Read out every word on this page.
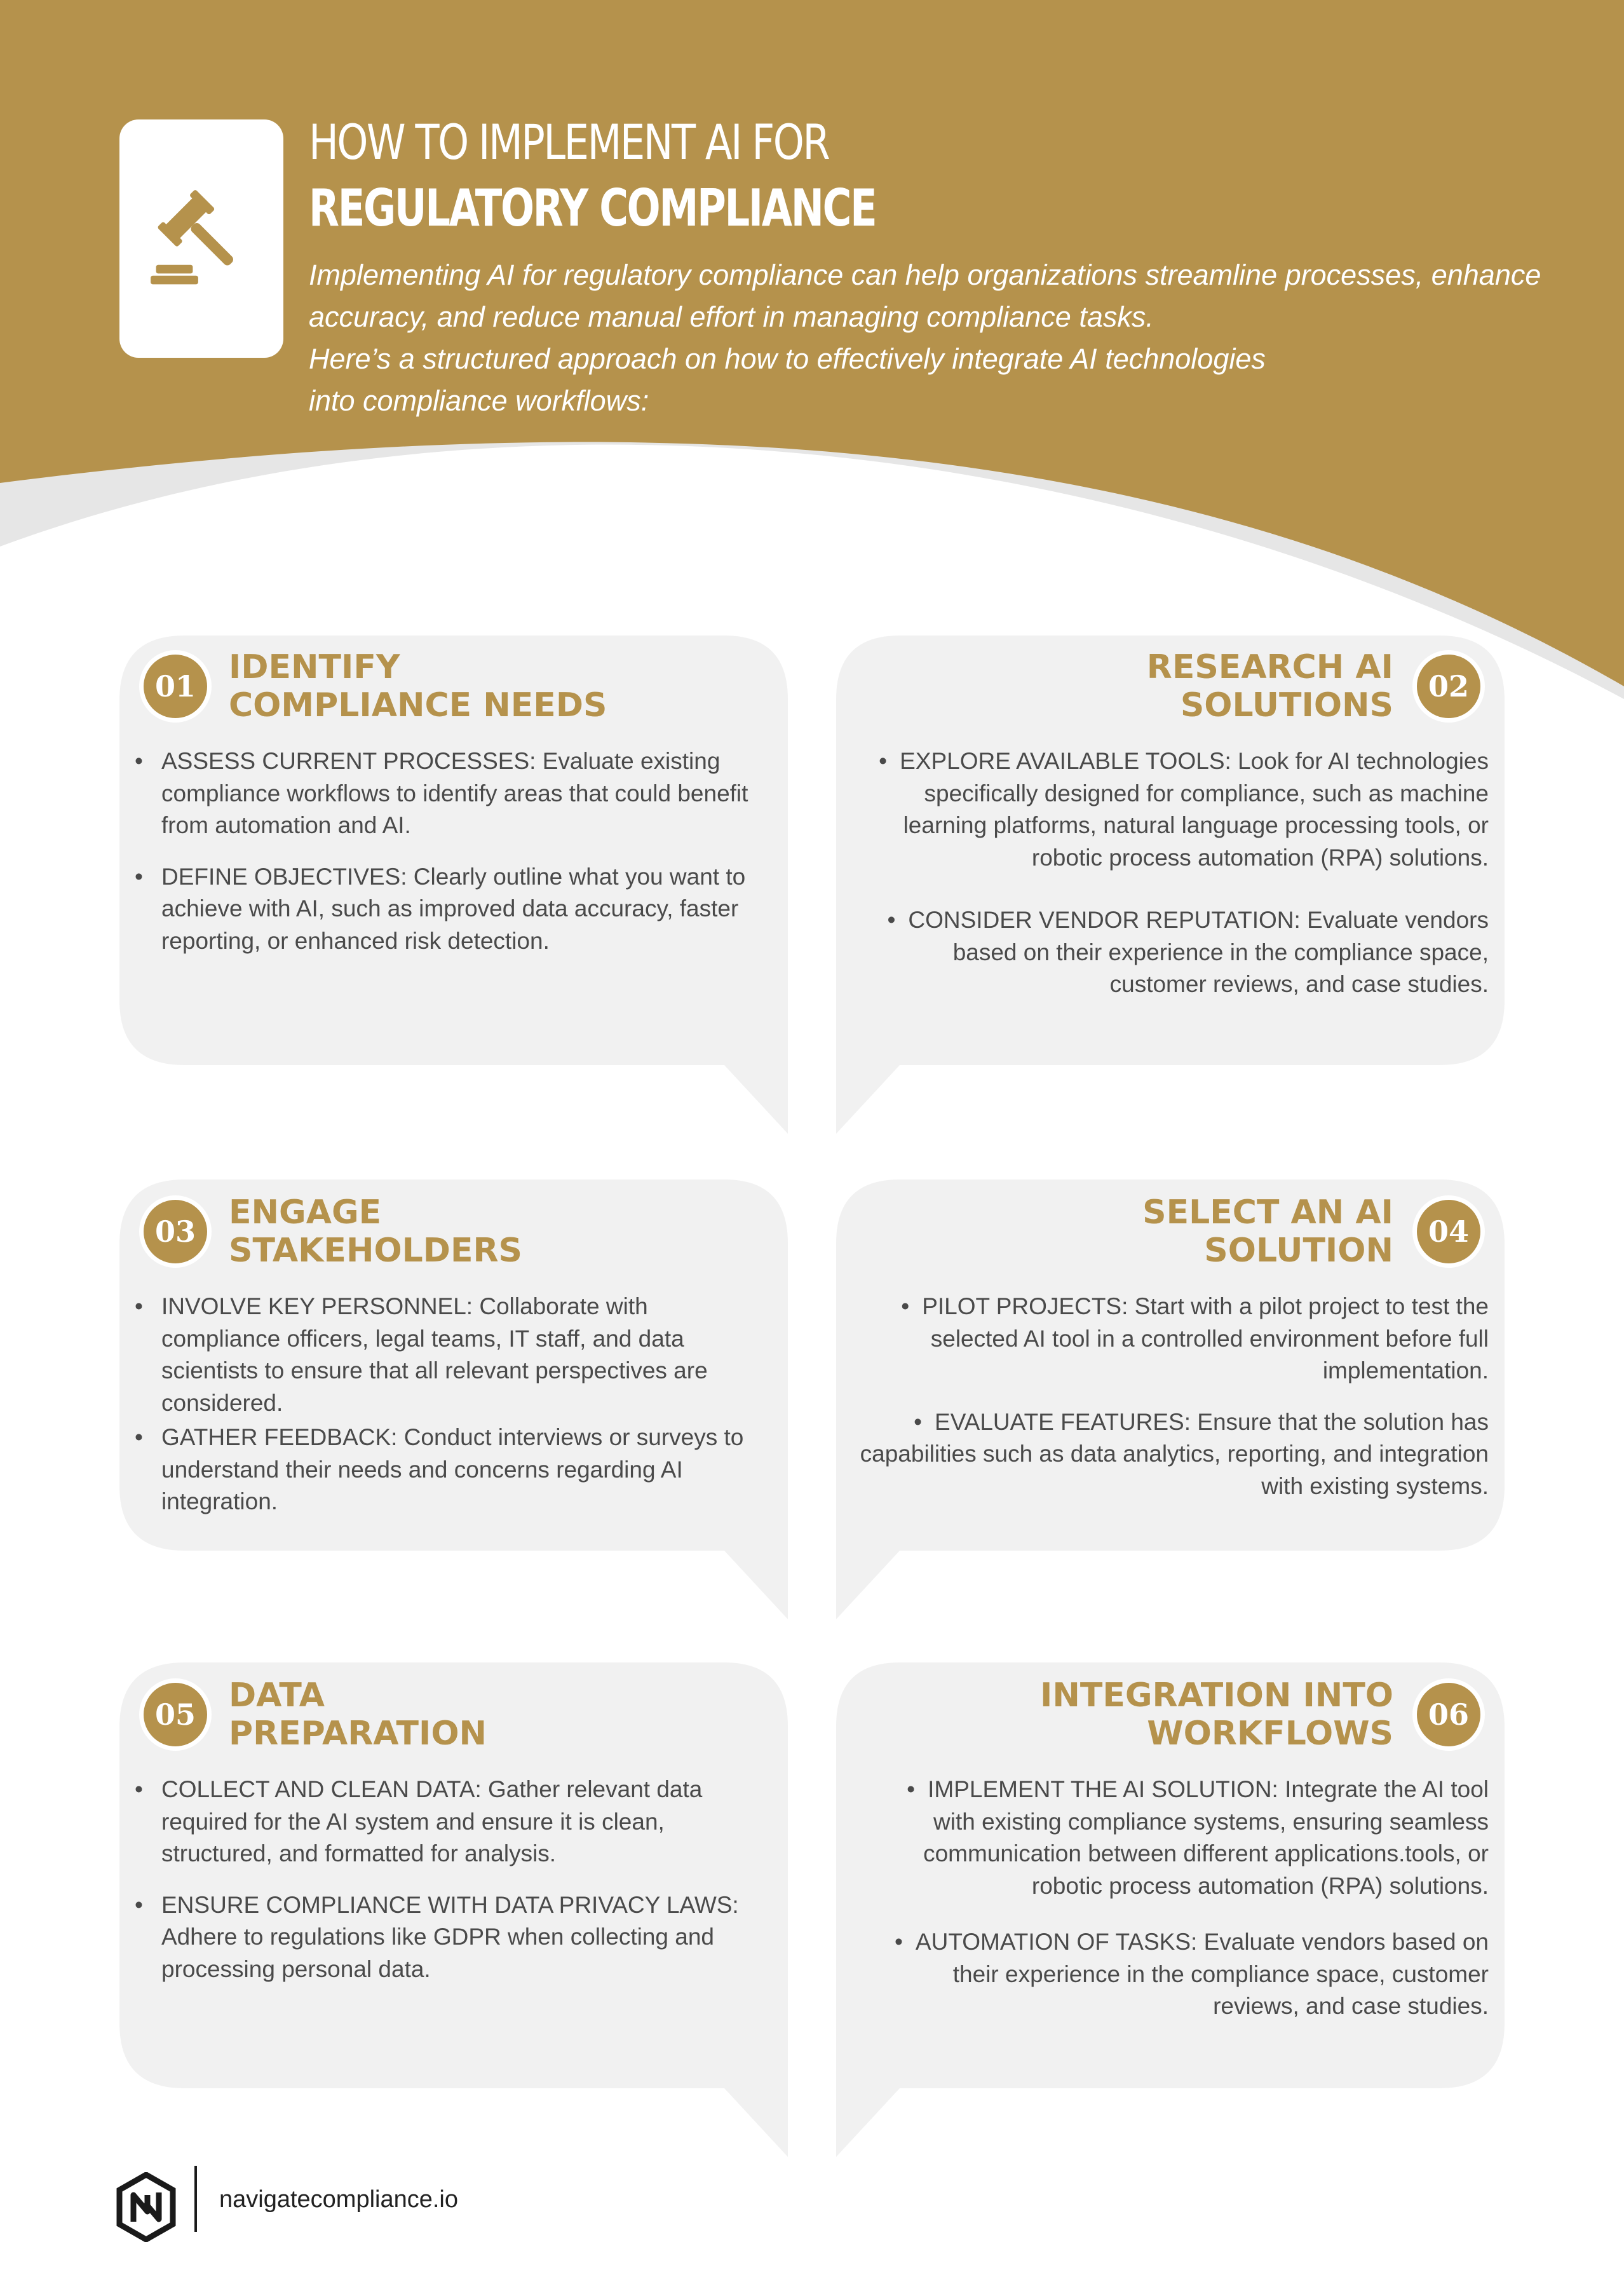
HOW TO IMPLEMENT AI FOR
REGULATORY COMPLIANCE
Implementing AI for regulatory compliance can help organizations streamline processes, enhance
accuracy, and reduce manual effort in managing compliance tasks.
Here’s a structured approach on how to effectively integrate AI technologies
into compliance workflows:
01	IDENTIFY
COMPLIANCE NEEDS
• ASSESS CURRENT PROCESSES: Evaluate existing
compliance workflows to identify areas that could benefit
from automation and AI.
• DEFINE OBJECTIVES: Clearly outline what you want to
achieve with AI, such as improved data accuracy, faster
reporting, or enhanced risk detection.
02
RESEARCH AI
SOLUTIONS
• EXPLORE AVAILABLE TOOLS: Look for AI technologies
specifically designed for compliance, such as machine
learning platforms, natural language processing tools, or
robotic process automation (RPA) solutions.
• CONSIDER VENDOR REPUTATION: Evaluate vendors
based on their experience in the compliance space,
customer reviews, and case studies.
03	ENGAGE
STAKEHOLDERS
• INVOLVE KEY PERSONNEL: Collaborate with
compliance officers, legal teams, IT staff, and data
scientists to ensure that all relevant perspectives are
considered.
• GATHER FEEDBACK: Conduct interviews or surveys to
understand their needs and concerns regarding AI
integration.
04
SELECT AN AI
SOLUTION
• PILOT PROJECTS: Start with a pilot project to test the
selected AI tool in a controlled environment before full
implementation.
• EVALUATE FEATURES: Ensure that the solution has
capabilities such as data analytics, reporting, and integration
with existing systems.
05	DATA
PREPARATION
• COLLECT AND CLEAN DATA: Gather relevant data
required for the AI system and ensure it is clean,
structured, and formatted for analysis.
• ENSURE COMPLIANCE WITH DATA PRIVACY LAWS:
Adhere to regulations like GDPR when collecting and
processing personal data.
06
INTEGRATION INTO
WORKFLOWS
• IMPLEMENT THE AI SOLUTION: Integrate the AI tool
with existing compliance systems, ensuring seamless
communication between different applications.tools, or
robotic process automation (RPA) solutions.
• AUTOMATION OF TASKS: Evaluate vendors based on
their experience in the compliance space, customer
reviews, and case studies.
navigatecompliance.io
